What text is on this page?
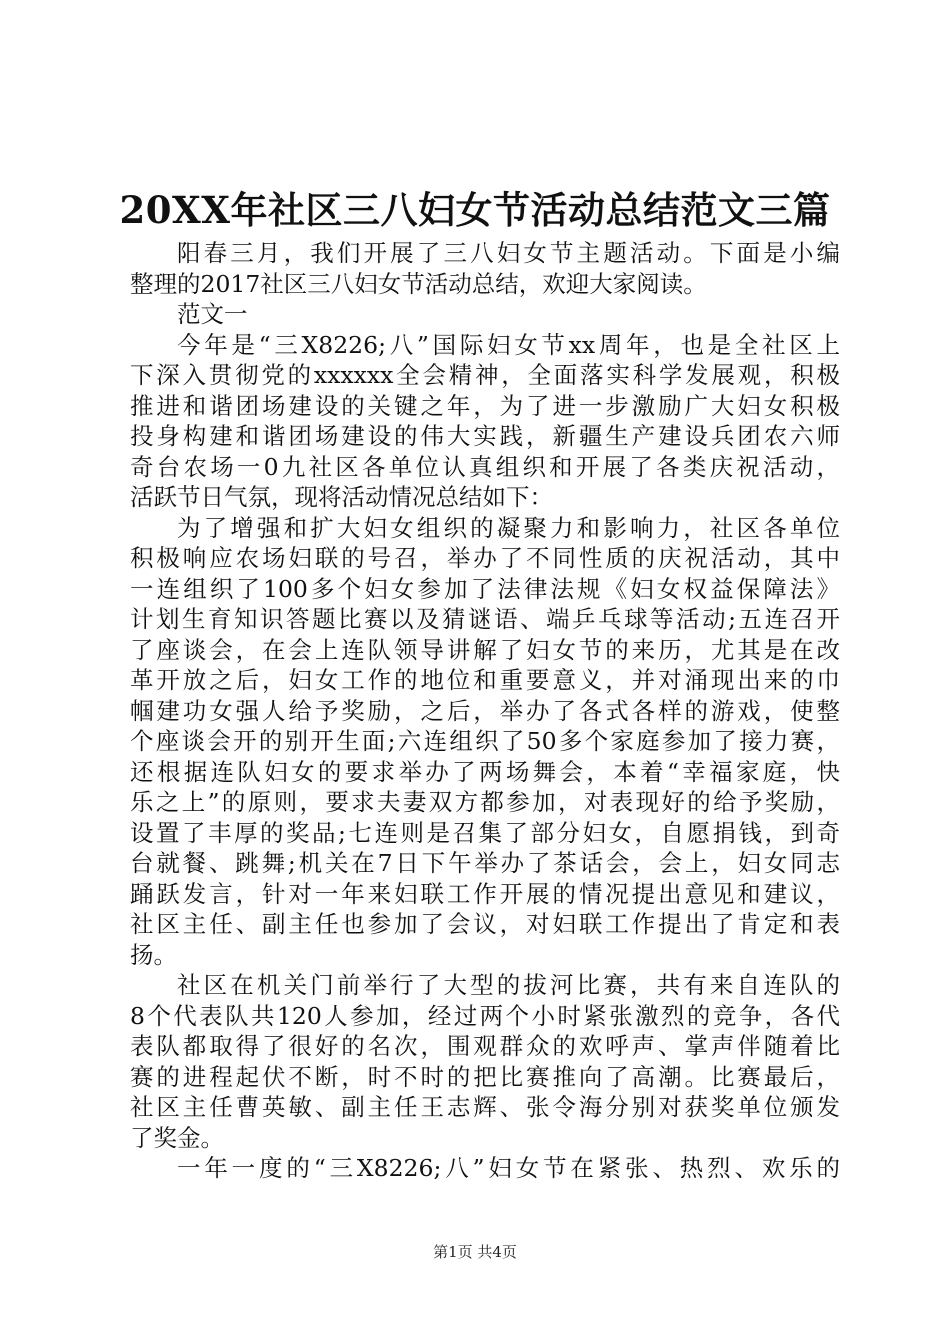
20XX年社区三八妇女节活动总结范文三篇
阳春三月，我们开展了三八妇女节主题活动。下面是小编
整理的2017社区三八妇女节活动总结，欢迎大家阅读。
范文一
今年是“三X8226;八”国际妇女节xx周年，也是全社区上
下深入贯彻党的xxxxxx全会精神，全面落实科学发展观，积极
推进和谐团场建设的关键之年，为了进一步激励广大妇女积极
投身构建和谐团场建设的伟大实践，新疆生产建设兵团农六师
奇台农场一0九社区各单位认真组织和开展了各类庆祝活动，
活跃节日气氛，现将活动情况总结如下：
为了增强和扩大妇女组织的凝聚力和影响力，社区各单位
积极响应农场妇联的号召，举办了不同性质的庆祝活动，其中
一连组织了100多个妇女参加了法律法规《妇女权益保障法》
计划生育知识答题比赛以及猜谜语、端乒乓球等活动;五连召开
了座谈会，在会上连队领导讲解了妇女节的来历，尤其是在改
革开放之后，妇女工作的地位和重要意义，并对涌现出来的巾
帼建功女强人给予奖励，之后，举办了各式各样的游戏，使整
个座谈会开的别开生面;六连组织了50多个家庭参加了接力赛，
还根据连队妇女的要求举办了两场舞会，本着“幸福家庭，快
乐之上”的原则，要求夫妻双方都参加，对表现好的给予奖励，
设置了丰厚的奖品;七连则是召集了部分妇女，自愿捐钱，到奇
台就餐、跳舞;机关在7日下午举办了茶话会，会上，妇女同志
踊跃发言，针对一年来妇联工作开展的情况提出意见和建议，
社区主任、副主任也参加了会议，对妇联工作提出了肯定和表
扬。
社区在机关门前举行了大型的拔河比赛，共有来自连队的
8个代表队共120人参加，经过两个小时紧张激烈的竞争，各代
表队都取得了很好的名次，围观群众的欢呼声、掌声伴随着比
赛的进程起伏不断，时不时的把比赛推向了高潮。比赛最后，
社区主任曹英敏、副主任王志辉、张令海分别对获奖单位颁发
了奖金。
一年一度的“三X8226;八”妇女节在紧张、热烈、欢乐的
第1页 共4页
